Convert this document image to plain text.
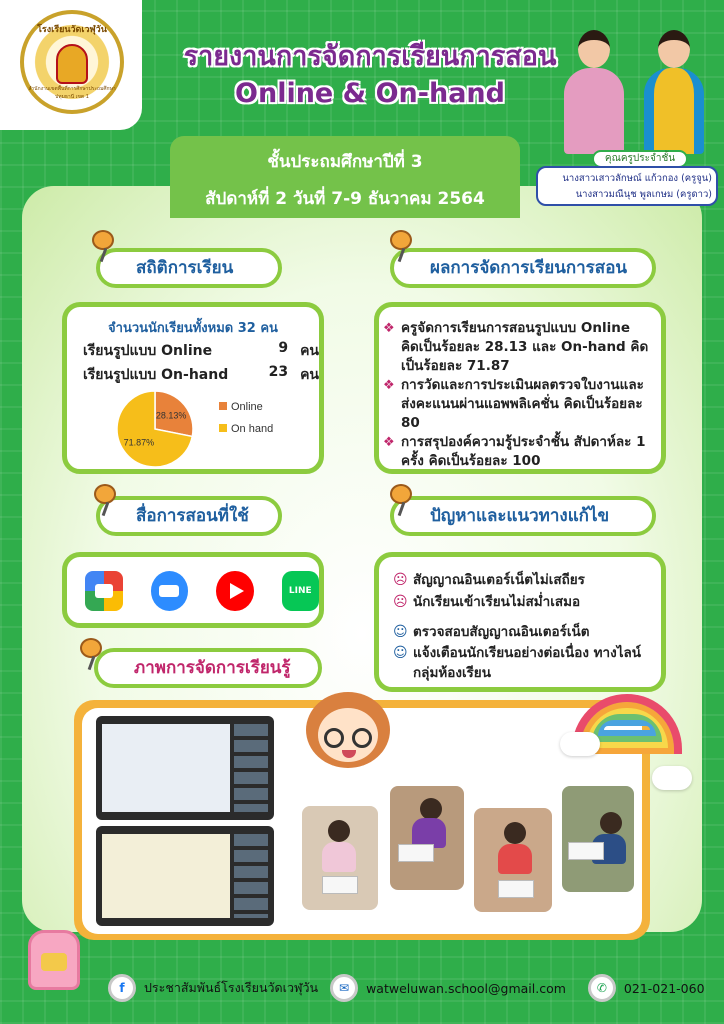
โรงเรียนวัดเวฬุวัน
สำนักงานเขตพื้นที่การศึกษาประถมศึกษาปทุมธานี เขต 1
รายงานการจัดการเรียนการสอน
Online & On-hand
ชั้นประถมศึกษาปีที่ 3
สัปดาห์ที่ 2 วันที่ 7-9 ธันวาคม 2564
คุณครูประจำชั้น
นางสาวเสาวลักษณ์ แก้วกอง (ครูจูน)
นางสาวมณีนุช พูลเกษม (ครูดาว)
สถิติการเรียน
จำนวนนักเรียนทั้งหมด 32 คน
เรียนรูปแบบ Online	9 คน
เรียนรูปแบบ On-hand	23 คน
28.13%
71.87%
Online
On hand
ผลการจัดการเรียนการสอน
❖ ครูจัดการเรียนการสอนรูปแบบ Online คิดเป็นร้อยละ 28.13 และ On-hand คิดเป็นร้อยละ 71.87
❖ การวัดและการประเมินผลตรวจใบงานและส่งคะแนนผ่านแอพพลิเคชั่น คิดเป็นร้อยละ 80
❖ การสรุปองค์ความรู้ประจำชั้น สัปดาห์ละ 1 ครั้ง คิดเป็นร้อยละ 100
สื่อการสอนที่ใช้
LINE
ปัญหาและแนวทางแก้ไข
☹ สัญญาณอินเตอร์เน็ตไม่เสถียร
☹ นักเรียนเข้าเรียนไม่สม่ำเสมอ
☺ ตรวจสอบสัญญาณอินเตอร์เน็ต
☺ แจ้งเตือนนักเรียนอย่างต่อเนื่อง ทางไลน์กลุ่มห้องเรียน
ภาพการจัดการเรียนรู้
f	ประชาสัมพันธ์โรงเรียนวัดเวฬุวัน	✉	watweluwan.school@gmail.com	✆	021-021-060
